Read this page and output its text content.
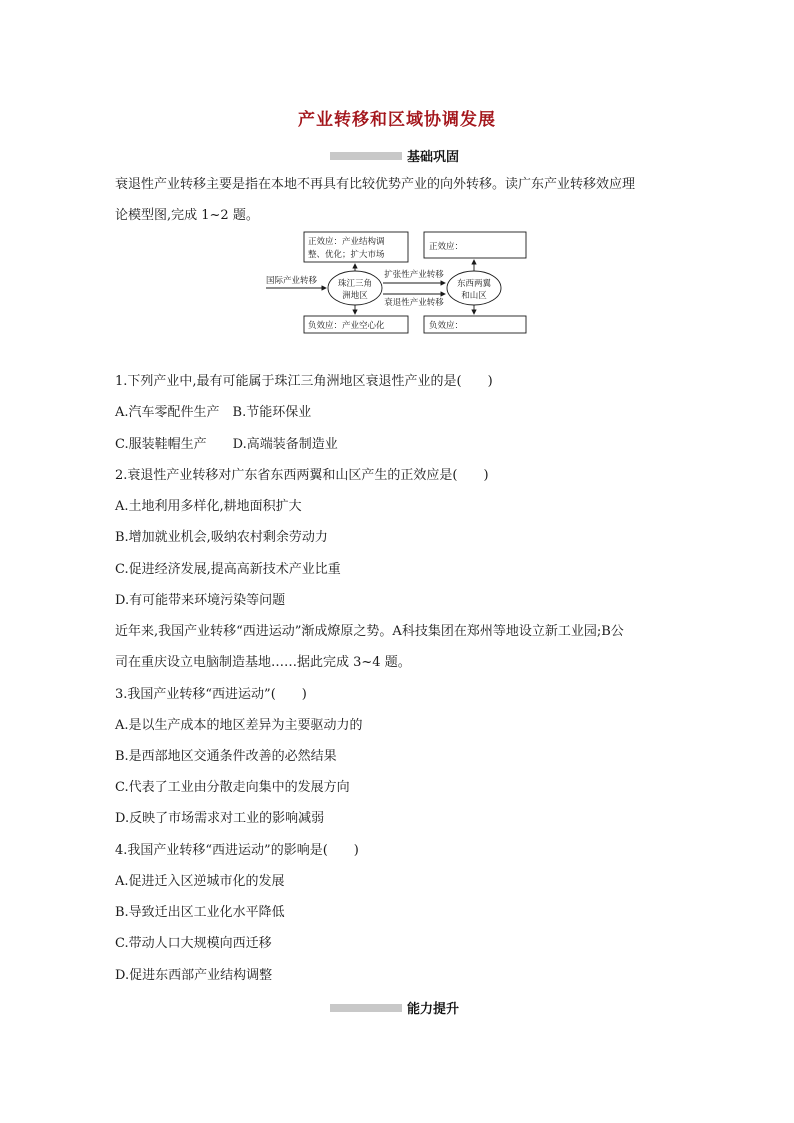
产业转移和区域协调发展
基础巩固
衰退性产业转移主要是指在本地不再具有比较优势产业的向外转移。读广东产业转移效应理
论模型图,完成 1~2 题。
正效应：产业结构调
整、优化；扩大市场
正效应：
珠江三角
洲地区
东西两翼
和山区
国际产业转移
扩张性产业转移
衰退性产业转移
负效应：产业空心化	负效应：
1.下列产业中,最有可能属于珠江三角洲地区衰退性产业的是(　　)
A.汽车零配件生产　B.节能环保业
C.服装鞋帽生产　　D.高端装备制造业
2.衰退性产业转移对广东省东西两翼和山区产生的正效应是(　　)
A.土地利用多样化,耕地面积扩大
B.增加就业机会,吸纳农村剩余劳动力
C.促进经济发展,提高高新技术产业比重
D.有可能带来环境污染等问题
近年来,我国产业转移“西进运动”渐成燎原之势。A科技集团在郑州等地设立新工业园;B公
司在重庆设立电脑制造基地……据此完成 3~4 题。
3.我国产业转移“西进运动”(　　)
A.是以生产成本的地区差异为主要驱动力的
B.是西部地区交通条件改善的必然结果
C.代表了工业由分散走向集中的发展方向
D.反映了市场需求对工业的影响减弱
4.我国产业转移“西进运动”的影响是(　　)
A.促进迁入区逆城市化的发展
B.导致迁出区工业化水平降低
C.带动人口大规模向西迁移
D.促进东西部产业结构调整
能力提升
